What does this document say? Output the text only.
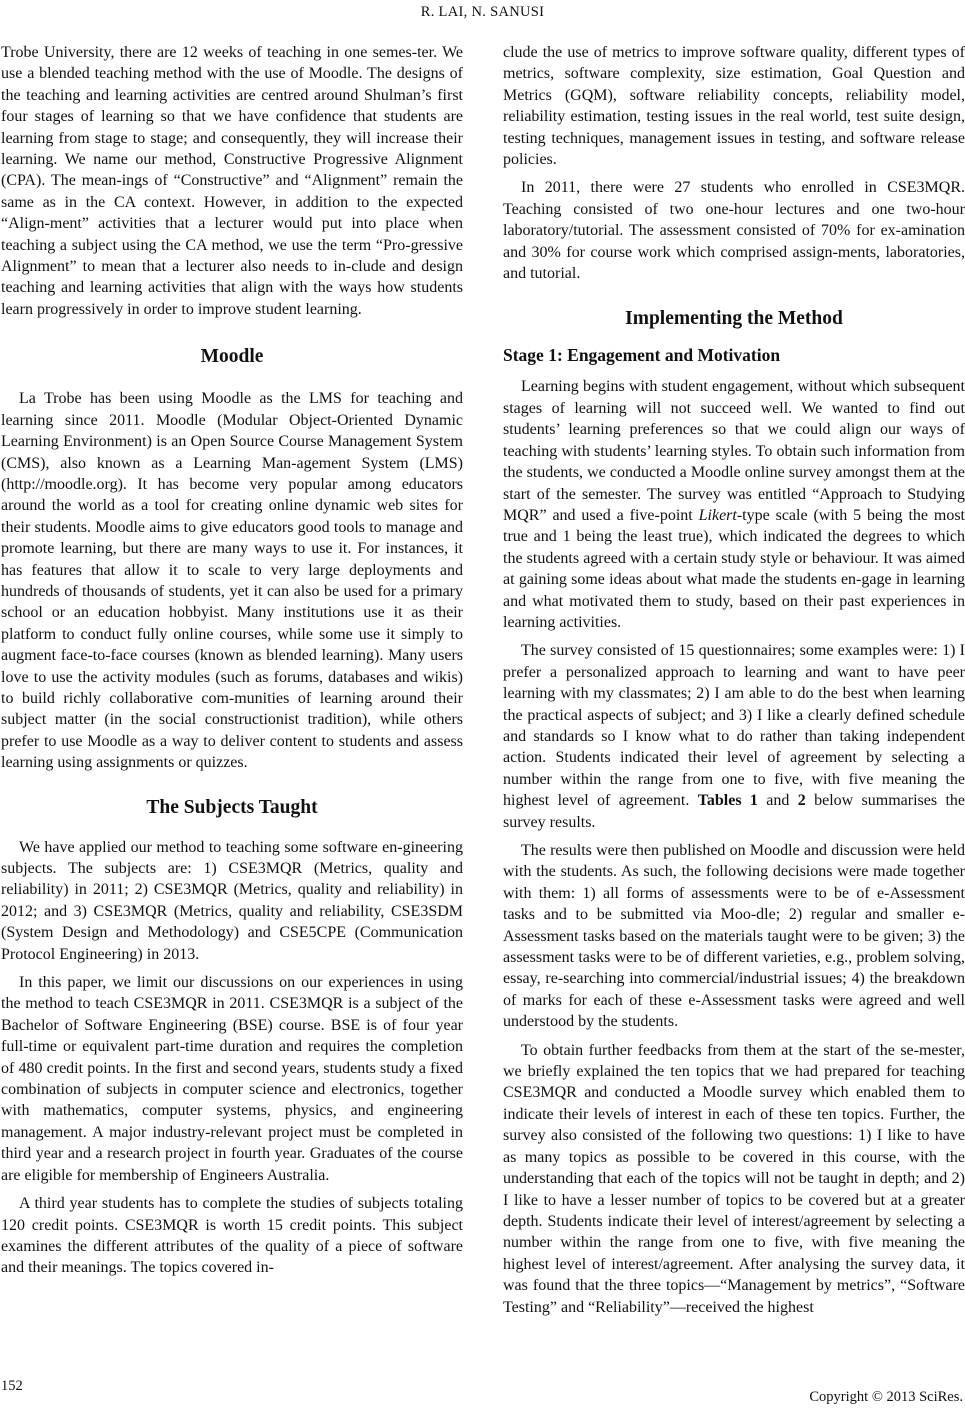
R. LAI, N. SANUSI

Trobe University, there are 12 weeks of teaching in one semes-ter. We use a blended teaching method with the use of Moodle. The designs of the teaching and learning activities are centred around Shulman’s first four stages of learning so that we have confidence that students are learning from stage to stage; and consequently, they will increase their learning. We name our method, Constructive Progressive Alignment (CPA). The mean-ings of “Constructive” and “Alignment” remain the same as in the CA context. However, in addition to the expected “Align-ment” activities that a lecturer would put into place when teaching a subject using the CA method, we use the term “Pro-gressive Alignment” to mean that a lecturer also needs to in-clude and design teaching and learning activities that align with the ways how students learn progressively in order to improve student learning.

Moodle

La Trobe has been using Moodle as the LMS for teaching and learning since 2011. Moodle (Modular Object-Oriented Dynamic Learning Environment) is an Open Source Course Management System (CMS), also known as a Learning Man-agement System (LMS) (http://moodle.org). It has become very popular among educators around the world as a tool for creating online dynamic web sites for their students. Moodle aims to give educators good tools to manage and promote learning, but there are many ways to use it. For instances, it has features that allow it to scale to very large deployments and hundreds of thousands of students, yet it can also be used for a primary school or an education hobbyist. Many institutions use it as their platform to conduct fully online courses, while some use it simply to augment face-to-face courses (known as blended learning). Many users love to use the activity modules (such as forums, databases and wikis) to build richly collaborative com-munities of learning around their subject matter (in the social constructionist tradition), while others prefer to use Moodle as a way to deliver content to students and assess learning using assignments or quizzes.

The Subjects Taught

We have applied our method to teaching some software en-gineering subjects. The subjects are: 1) CSE3MQR (Metrics, quality and reliability) in 2011; 2) CSE3MQR (Metrics, quality and reliability) in 2012; and 3) CSE3MQR (Metrics, quality and reliability, CSE3SDM (System Design and Methodology) and CSE5CPE (Communication Protocol Engineering) in 2013.

In this paper, we limit our discussions on our experiences in using the method to teach CSE3MQR in 2011. CSE3MQR is a subject of the Bachelor of Software Engineering (BSE) course. BSE is of four year full-time or equivalent part-time duration and requires the completion of 480 credit points. In the first and second years, students study a fixed combination of subjects in computer science and electronics, together with mathematics, computer systems, physics, and engineering management. A major industry-relevant project must be completed in third year and a research project in fourth year. Graduates of the course are eligible for membership of Engineers Australia.

A third year students has to complete the studies of subjects totaling 120 credit points. CSE3MQR is worth 15 credit points. This subject examines the different attributes of the quality of a piece of software and their meanings. The topics covered in-

clude the use of metrics to improve software quality, different types of metrics, software complexity, size estimation, Goal Question and Metrics (GQM), software reliability concepts, reliability model, reliability estimation, testing issues in the real world, test suite design, testing techniques, management issues in testing, and software release policies.

In 2011, there were 27 students who enrolled in CSE3MQR. Teaching consisted of two one-hour lectures and one two-hour laboratory/tutorial. The assessment consisted of 70% for ex-amination and 30% for course work which comprised assign-ments, laboratories, and tutorial.

Implementing the Method
Stage 1: Engagement and Motivation

Learning begins with student engagement, without which subsequent stages of learning will not succeed well. We wanted to find out students’ learning preferences so that we could align our ways of teaching with students’ learning styles. To obtain such information from the students, we conducted a Moodle online survey amongst them at the start of the semester. The survey was entitled “Approach to Studying MQR” and used a five-point Likert-type scale (with 5 being the most true and 1 being the least true), which indicated the degrees to which the students agreed with a certain study style or behaviour. It was aimed at gaining some ideas about what made the students en-gage in learning and what motivated them to study, based on their past experiences in learning activities.

The survey consisted of 15 questionnaires; some examples were: 1) I prefer a personalized approach to learning and want to have peer learning with my classmates; 2) I am able to do the best when learning the practical aspects of subject; and 3) I like a clearly defined schedule and standards so I know what to do rather than taking independent action. Students indicated their level of agreement by selecting a number within the range from one to five, with five meaning the highest level of agreement. Tables 1 and 2 below summarises the survey results.

The results were then published on Moodle and discussion were held with the students. As such, the following decisions were made together with them: 1) all forms of assessments were to be of e-Assessment tasks and to be submitted via Moo-dle; 2) regular and smaller e-Assessment tasks based on the materials taught were to be given; 3) the assessment tasks were to be of different varieties, e.g., problem solving, essay, re-searching into commercial/industrial issues; 4) the breakdown of marks for each of these e-Assessment tasks were agreed and well understood by the students.

To obtain further feedbacks from them at the start of the se-mester, we briefly explained the ten topics that we had prepared for teaching CSE3MQR and conducted a Moodle survey which enabled them to indicate their levels of interest in each of these ten topics. Further, the survey also consisted of the following two questions: 1) I like to have as many topics as possible to be covered in this course, with the understanding that each of the topics will not be taught in depth; and 2) I like to have a lesser number of topics to be covered but at a greater depth. Students indicate their level of interest/agreement by selecting a number within the range from one to five, with five meaning the highest level of interest/agreement. After analysing the survey data, it was found that the three topics—“Management by metrics”, “Software Testing” and “Reliability”—received the highest

152
Copyright © 2013 SciRes.
